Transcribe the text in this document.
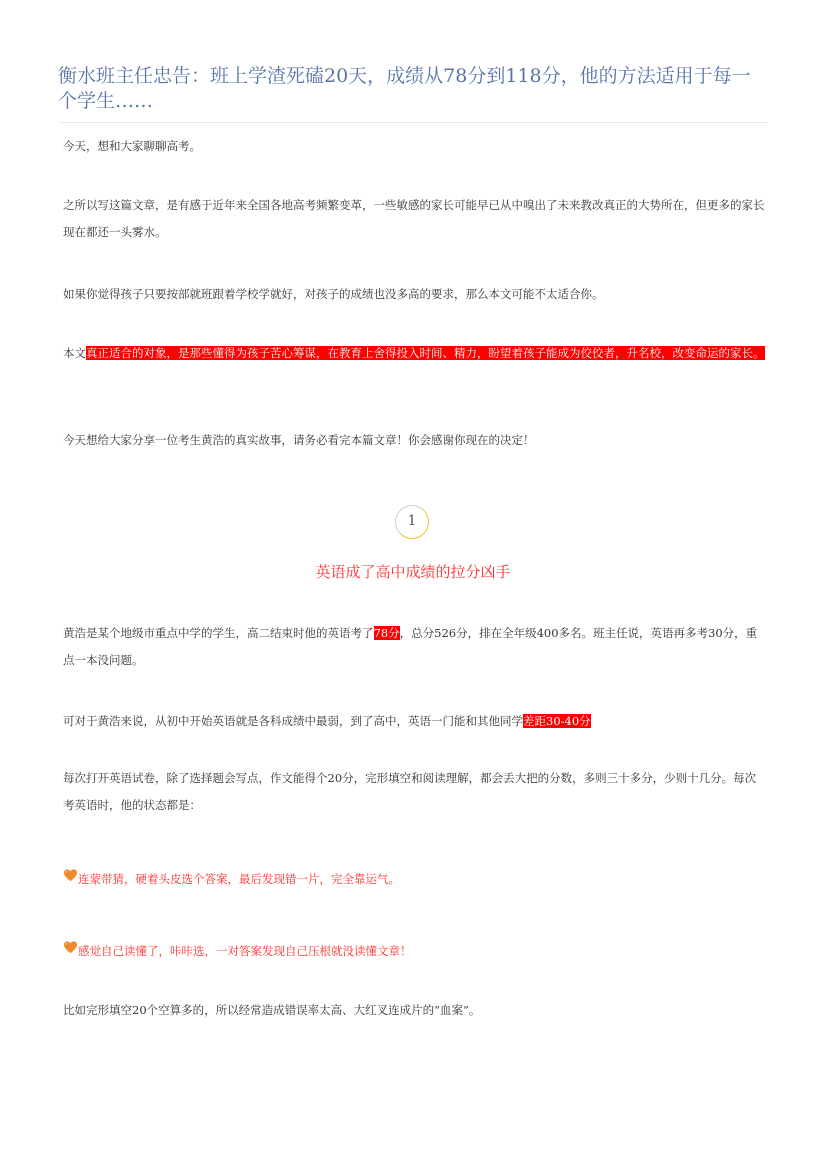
衡水班主任忠告：班上学渣死磕20天，成绩从78分到118分，他的方法适用于每一个学生……

今天，想和大家聊聊高考。

之所以写这篇文章，是有感于近年来全国各地高考频繁变革，一些敏感的家长可能早已从中嗅出了未来教改真正的大势所在，但更多的家长现在都还一头雾水。

如果你觉得孩子只要按部就班跟着学校学就好，对孩子的成绩也没多高的要求，那么本文可能不太适合你。

本文真正适合的对象，是那些懂得为孩子苦心筹谋，在教育上舍得投入时间、精力，盼望着孩子能成为佼佼者，升名校，改变命运的家长。

今天想给大家分享一位考生黄浩的真实故事，请务必看完本篇文章！你会感谢你现在的决定！

1
英语成了高中成绩的拉分凶手

黄浩是某个地级市重点中学的学生，高二结束时他的英语考了78分，总分526分，排在全年级400多名。班主任说，英语再多考30分，重点一本没问题。

可对于黄浩来说，从初中开始英语就是各科成绩中最弱，到了高中，英语一门能和其他同学差距30-40分

每次打开英语试卷，除了选择题会写点，作文能得个20分，完形填空和阅读理解，都会丢大把的分数，多则三十多分，少则十几分。每次考英语时，他的状态都是：

连蒙带猜，硬着头皮选个答案，最后发现错一片，完全靠运气。
感觉自己读懂了，咔咔选，一对答案发现自己压根就没读懂文章！

比如完形填空20个空算多的，所以经常造成错误率太高、大红叉连成片的“血案”。
